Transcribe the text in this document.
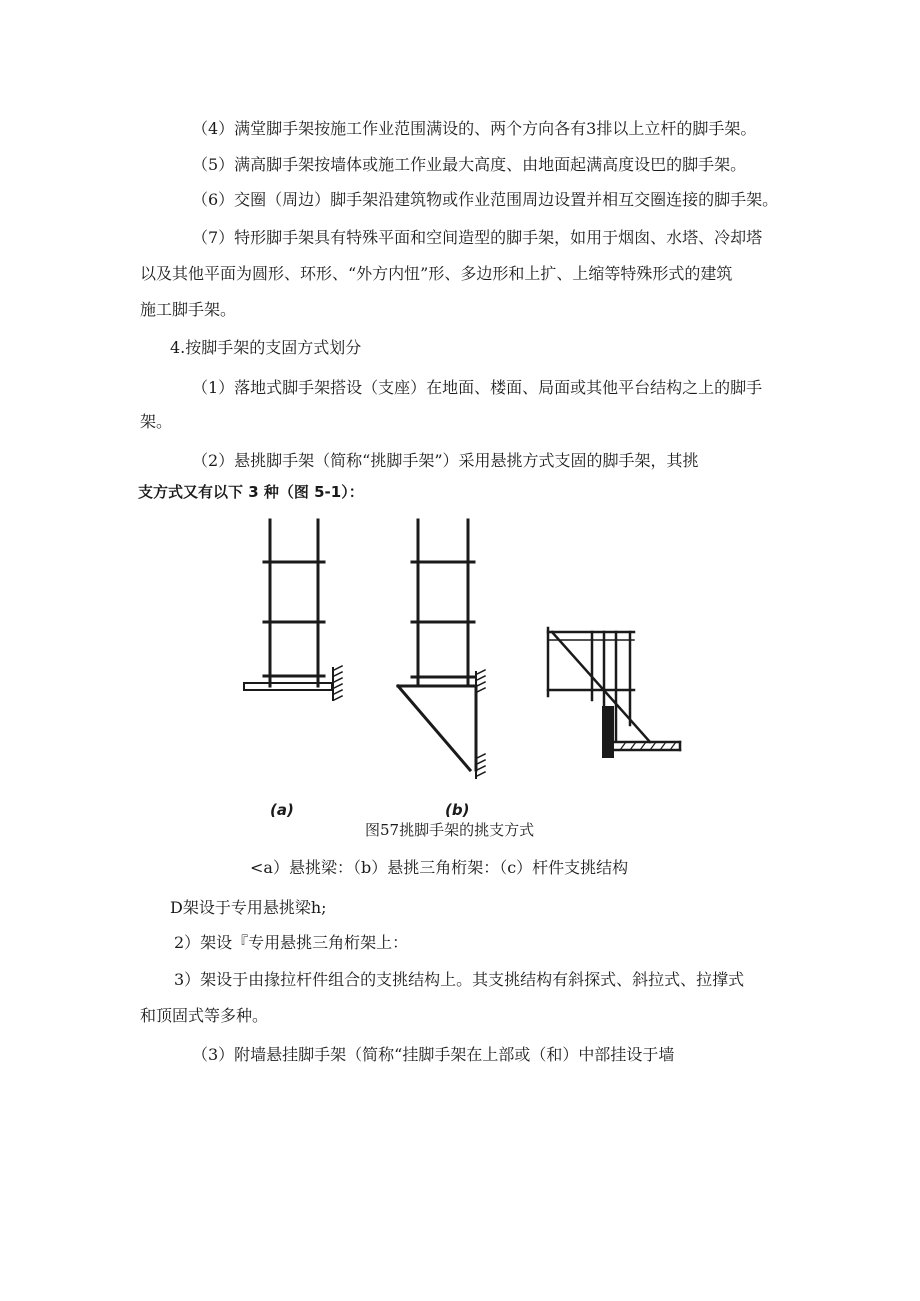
（4）满堂脚手架按施工作业范围满设的、两个方向各有3排以上立杆的脚手架。
（5）满高脚手架按墙体或施工作业最大高度、由地面起满高度设巴的脚手架。
（6）交圈（周边）脚手架沿建筑物或作业范围周边设置并相互交圈连接的脚手架。
（7）特形脚手架具有特殊平面和空间造型的脚手架，如用于烟囱、水塔、冷却塔
以及其他平面为圆形、环形、“外方内忸”形、多边形和上扩、上缩等特殊形式的建筑
施工脚手架。
4.按脚手架的支固方式划分
（1）落地式脚手架搭设（支座）在地面、楼面、局面或其他平台结构之上的脚手
架。
（2）悬挑脚手架（简称“挑脚手架”）采用悬挑方式支固的脚手架，其挑
支方式又有以下 3 种（图 5-1）：
(a)	(b)
图57挑脚手架的挑支方式
<a）悬挑梁：（b）悬挑三角桁架：（c）杆件支挑结构
D架设于专用悬挑梁h;
2）架设『专用悬挑三角桁架上：
3）架设于由掾拉杆件组合的支挑结构上。其支挑结构有斜探式、斜拉式、拉撑式
和顶固式等多种。
（3）附墙悬挂脚手架（简称“挂脚手架在上部或（和）中部挂设于墙
